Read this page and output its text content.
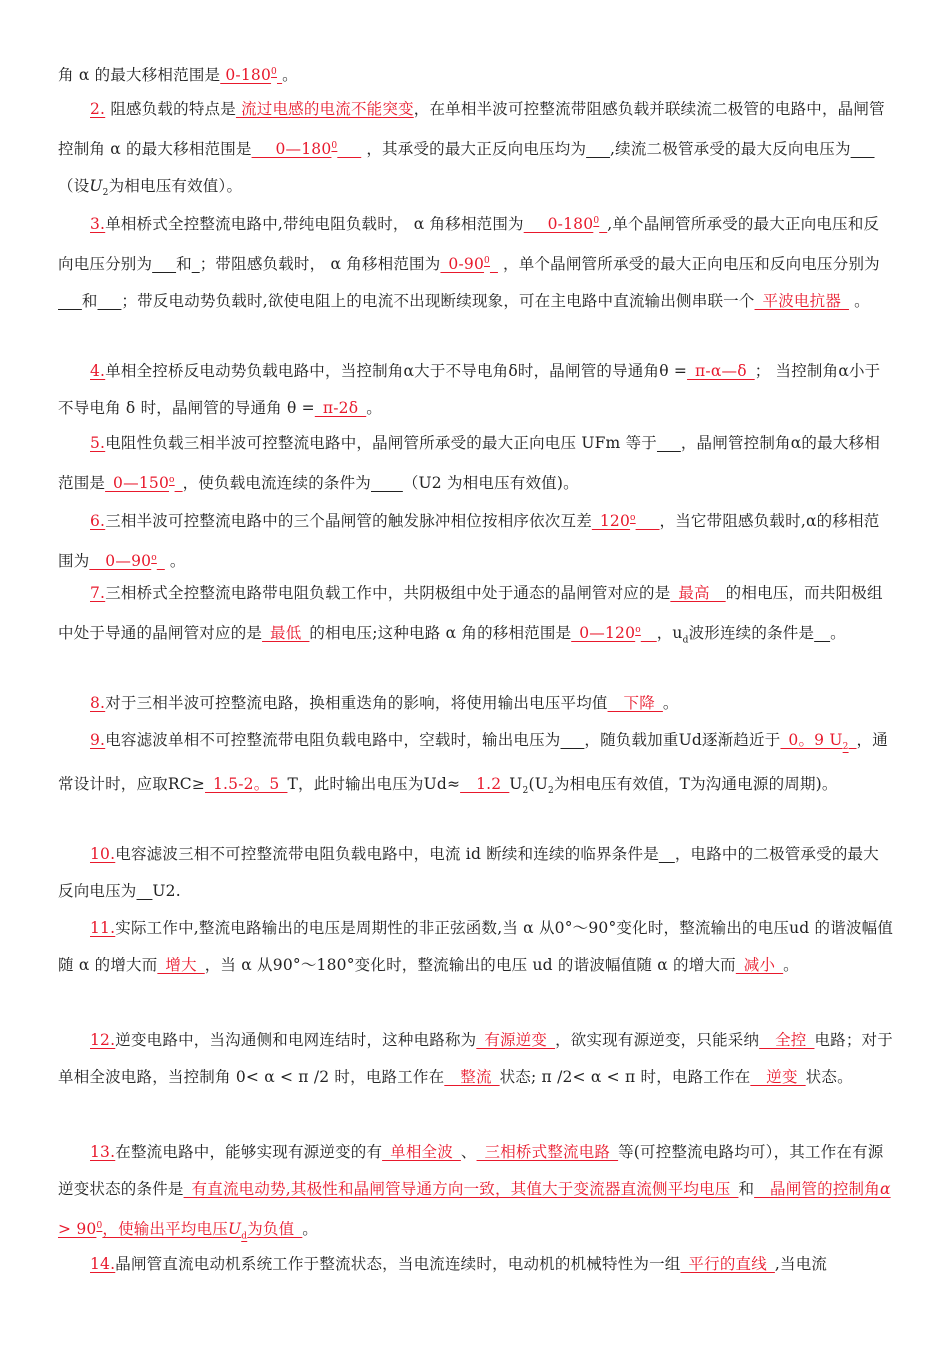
角 α 的最大移相范围是 $0-180^0$ 。

2. 阻感负载的特点是 流过电感的电流不能突变，在单相半波可控整流带阻感负载并联续流二极管的电路中，晶闸管控制角 α 的最大移相范围是$\_\_\_0—180^0\_\_\_$ ，其承受的最大正反向电压均为___,续流二极管承受的最大反向电压为___（设$U_2$为相电压有效值）。

3.单相桥式全控整流电路中,带纯电阻负载时， α 角移相范围为$\_\_\_0-180^0\_$,单个晶闸管所承受的最大正向电压和反向电压分别为___和_；带阻感负载时， α 角移相范围为$\_0-90^0\_$ ，单个晶闸管所承受的最大正向电压和反向电压分别为___和___；带反电动势负载时,欲使电阻上的电流不出现断续现象，可在主电路中直流输出侧串联一个_平波电抗器_ 。

4.单相全控桥反电动势负载电路中，当控制角α大于不导电角δ时，晶闸管的导通角θ =_π-α—δ_； 当控制角α小于不导电角 δ 时，晶闸管的导通角 θ =_π-2δ_。

5.电阻性负载三相半波可控整流电路中，晶闸管所承受的最大正向电压 UFm 等于___，晶闸管控制角α的最大移相范围是_0—150$^o$_，使负载电流连续的条件为____（U2 为相电压有效值)。

6.三相半波可控整流电路中的三个晶闸管的触发脉冲相位按相序依次互差_120$^o$___，当它带阻感负载时,α的移相范围为__0—90$^o$_ 。

7.三相桥式全控整流电路带电阻负载工作中，共阴极组中处于通态的晶闸管对应的是_最高__的相电压，而共阳极组中处于导通的晶闸管对应的是_最低_的相电压;这种电路 α 角的移相范围是_0—120$^o$__，$u_d$波形连续的条件是__。

8.对于三相半波可控整流电路，换相重迭角的影响，将使用输出电压平均值__下降_。

9.电容滤波单相不可控整流带电阻负载电路中，空载时，输出电压为___，随负载加重Ud逐渐趋近于_0。9 $U_2\_$，通常设计时，应取RC≥_1.5-2。5_T，此时输出电压为$Ud\approx\_\_1.2\_U_2(U_2$为相电压有效值，T为沟通电源的周期)。

10.电容滤波三相不可控整流带电阻负载电路中，电流 id 断续和连续的临界条件是__，电路中的二极管承受的最大反向电压为__U2.

11.实际工作中,整流电路输出的电压是周期性的非正弦函数,当 α 从0°～90°变化时，整流输出的电压ud 的谐波幅值随 α 的增大而_增大_，当 α 从90°～180°变化时，整流输出的电压 ud 的谐波幅值随 α 的增大而_减小_。

12.逆变电路中，当沟通侧和电网连结时，这种电路称为_有源逆变_，欲实现有源逆变，只能采纳__全控_电路；对于单相全波电路，当控制角 0< α < π /2 时，电路工作在__整流_状态; π /2< α < π 时，电路工作在__逆变_状态。

13.在整流电路中，能够实现有源逆变的有_单相全波_、_三相桥式整流电路_等(可控整流电路均可），其工作在有源逆变状态的条件是_有直流电动势,其极性和晶闸管导通方向一致，其值大于变流器直流侧平均电压_和__晶闸管的控制角$\alpha > 90^0$，使输出平均电压$U_d$为负值_。

14.晶闸管直流电动机系统工作于整流状态，当电流连续时，电动机的机械特性为一组_平行的直线_,当电流
